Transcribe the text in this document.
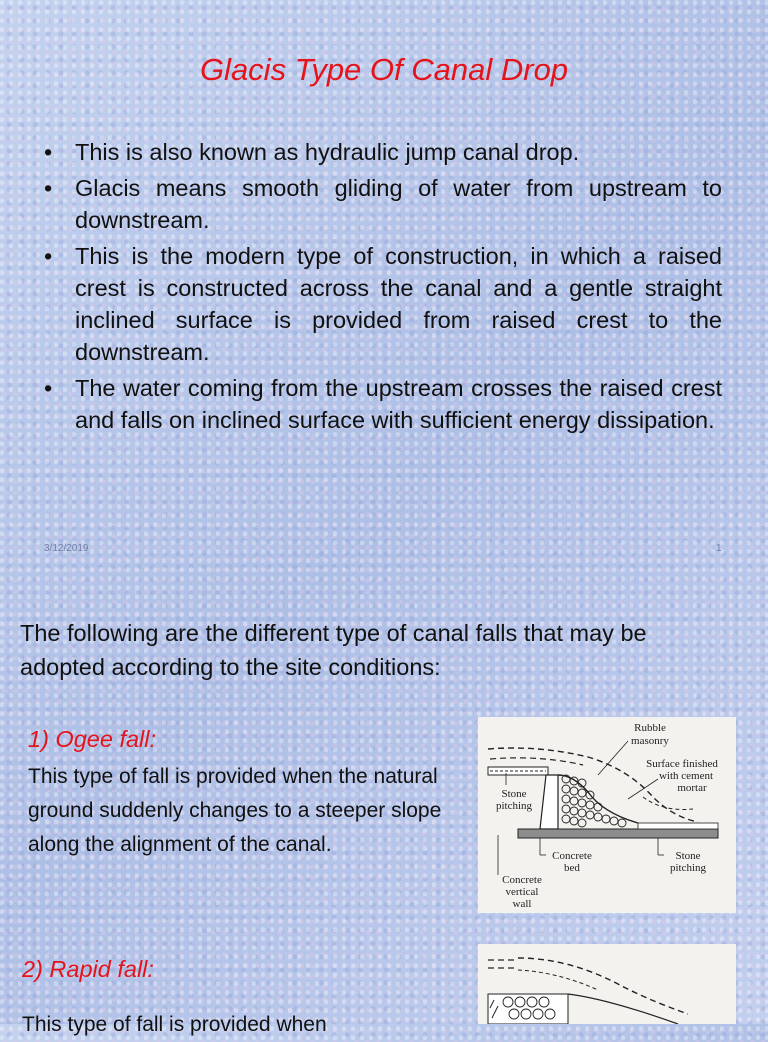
Glacis Type Of Canal Drop
• This is also known as hydraulic jump canal drop.
• Glacis means smooth gliding of water from upstream to downstream.
• This is the modern type of construction, in which a raised crest is constructed across the canal and a gentle straight inclined surface is provided from raised crest to the downstream.
• The water coming from the upstream crosses the raised crest and falls on inclined surface with sufficient energy dissipation.
3/12/2019	1
The following are the different type of canal falls that may be adopted according to the site conditions:
1) Ogee fall:
This type of fall is provided when the natural ground suddenly changes to a steeper slope along the alignment of the canal.
Rubble
masonry
Surface finished
with cement
mortar
Stone
pitching
Concrete
bed
Stone
pitching
Concrete
vertical
wall
2) Rapid fall:
This type of fall is provided when
